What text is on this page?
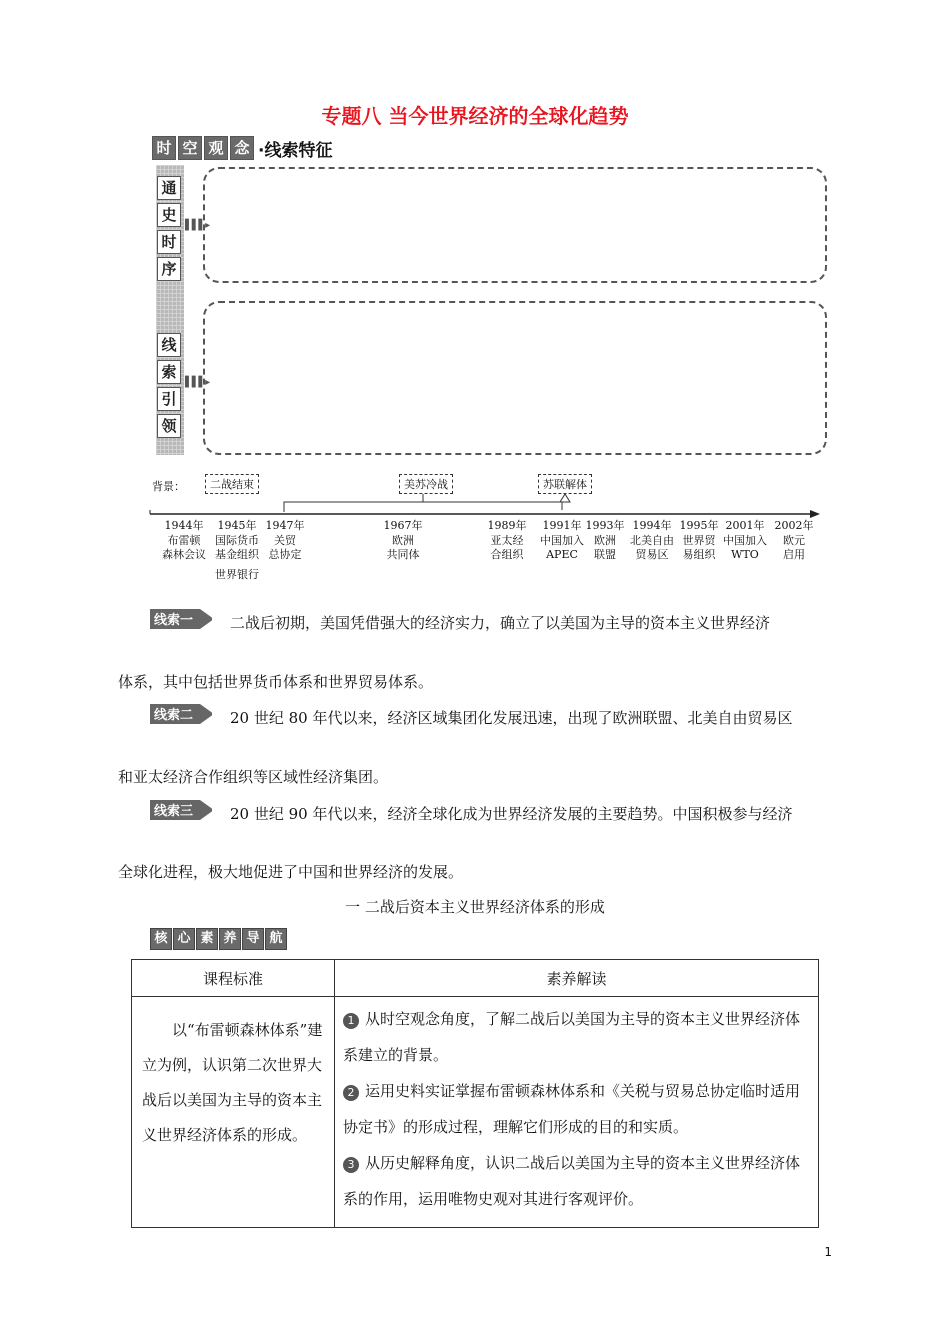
专题八 当今世界经济的全球化趋势
时 空 观 念 ·线索特征
通
史
时
序
▌▌▌▸
线
索
引
领
▌▌▌▸
背景：	二战结束	美苏冷战	苏联解体
1944年	1945年 1947年	1967年	1989年	1991年 1993年 1994年 1995年 2001年 2002年
布雷顿
森林会议
国际货币
基金组织
关贸
总协定
欧洲
共同体
亚太经
合组织
中国加入
APEC
欧洲
联盟
北美自由
贸易区
世界贸
易组织
中国加入
WTO
欧元
启用
世界银行
线索一 二战后初期，美国凭借强大的经济实力，确立了以美国为主导的资本主义世界经济
体系，其中包括世界货币体系和世界贸易体系。
线索二 20 世纪 80 年代以来，经济区域集团化发展迅速，出现了欧洲联盟、北美自由贸易区
和亚太经济合作组织等区域性经济集团。
线索三 20 世纪 90 年代以来，经济全球化成为世界经济发展的主要趋势。中国积极参与经济
全球化进程，极大地促进了中国和世界经济的发展。
一 二战后资本主义世界经济体系的形成
核 心 素 养 导 航
课程标准	素养解读

以“布雷顿森林体系”建立为例，认识第二次世界大战后以美国为主导的资本主义世界经济体系的形成。	1 从时空观念角度，了解二战后以美国为主导的资本主义世界经济体系建立的背景。
2 运用史料实证掌握布雷顿森林体系和《关税与贸易总协定临时适用协定书》的形成过程，理解它们形成的目的和实质。
3 从历史解释角度，认识二战后以美国为主导的资本主义世界经济体系的作用，运用唯物史观对其进行客观评价。
1
